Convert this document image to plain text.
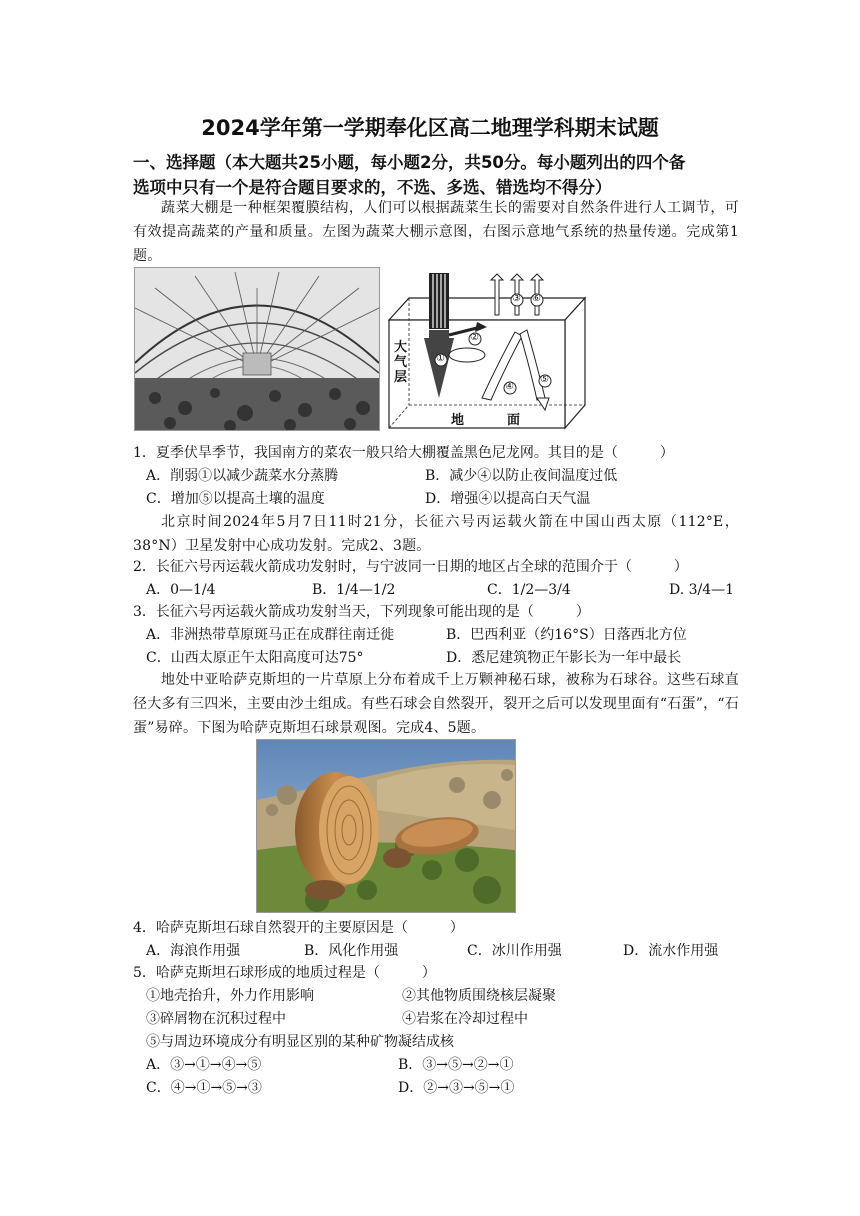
2024学年第一学期奉化区高二地理学科期末试题
一、选择题（本大题共25小题，每小题2分，共50分。每小题列出的四个备
选项中只有一个是符合题目要求的，不选、多选、错选均不得分）
蔬菜大棚是一种框架覆膜结构，人们可以根据蔬菜生长的需要对自然条件进行人工调节，可有效提高蔬菜的产量和质量。左图为蔬菜大棚示意图，右图示意地气系统的热量传递。完成第1题。
大气层
地	面
①
②
③
④
⑤
⑥
1．夏季伏旱季节，我国南方的菜农一般只给大棚覆盖黑色尼龙网。其目的是（　　　）
A．削弱①以减少蔬菜水分蒸腾	B．减少④以防止夜间温度过低
C．增加⑤以提高土壤的温度	D．增强④以提高白天气温
北京时间2024年5月7日11时21分，长征六号丙运载火箭在中国山西太原（112°E，38°N）卫星发射中心成功发射。完成2、3题。
2．长征六号丙运载火箭成功发射时，与宁波同一日期的地区占全球的范围介于（　　　）
A．0—1/4	B．1/4—1/2	C．1/2—3/4	D. 3/4—1
3．长征六号丙运载火箭成功发射当天，下列现象可能出现的是（　　　）
A．非洲热带草原斑马正在成群往南迁徙	B．巴西利亚（约16°S）日落西北方位
C．山西太原正午太阳高度可达75°	D．悉尼建筑物正午影长为一年中最长
地处中亚哈萨克斯坦的一片草原上分布着成千上万颗神秘石球，被称为石球谷。这些石球直径大多有三四米，主要由沙土组成。有些石球会自然裂开，裂开之后可以发现里面有“石蛋”，“石蛋”易碎。下图为哈萨克斯坦石球景观图。完成4、5题。
4．哈萨克斯坦石球自然裂开的主要原因是（　　　）
A．海浪作用强	B．风化作用强	C．冰川作用强	D．流水作用强
5．哈萨克斯坦石球形成的地质过程是（　　　）
①地壳抬升，外力作用影响	②其他物质围绕核层凝聚
③碎屑物在沉积过程中	④岩浆在冷却过程中
⑤与周边环境成分有明显区别的某种矿物凝结成核
A．③→①→④→⑤	B．③→⑤→②→①
C．④→①→⑤→③	D．②→③→⑤→①
